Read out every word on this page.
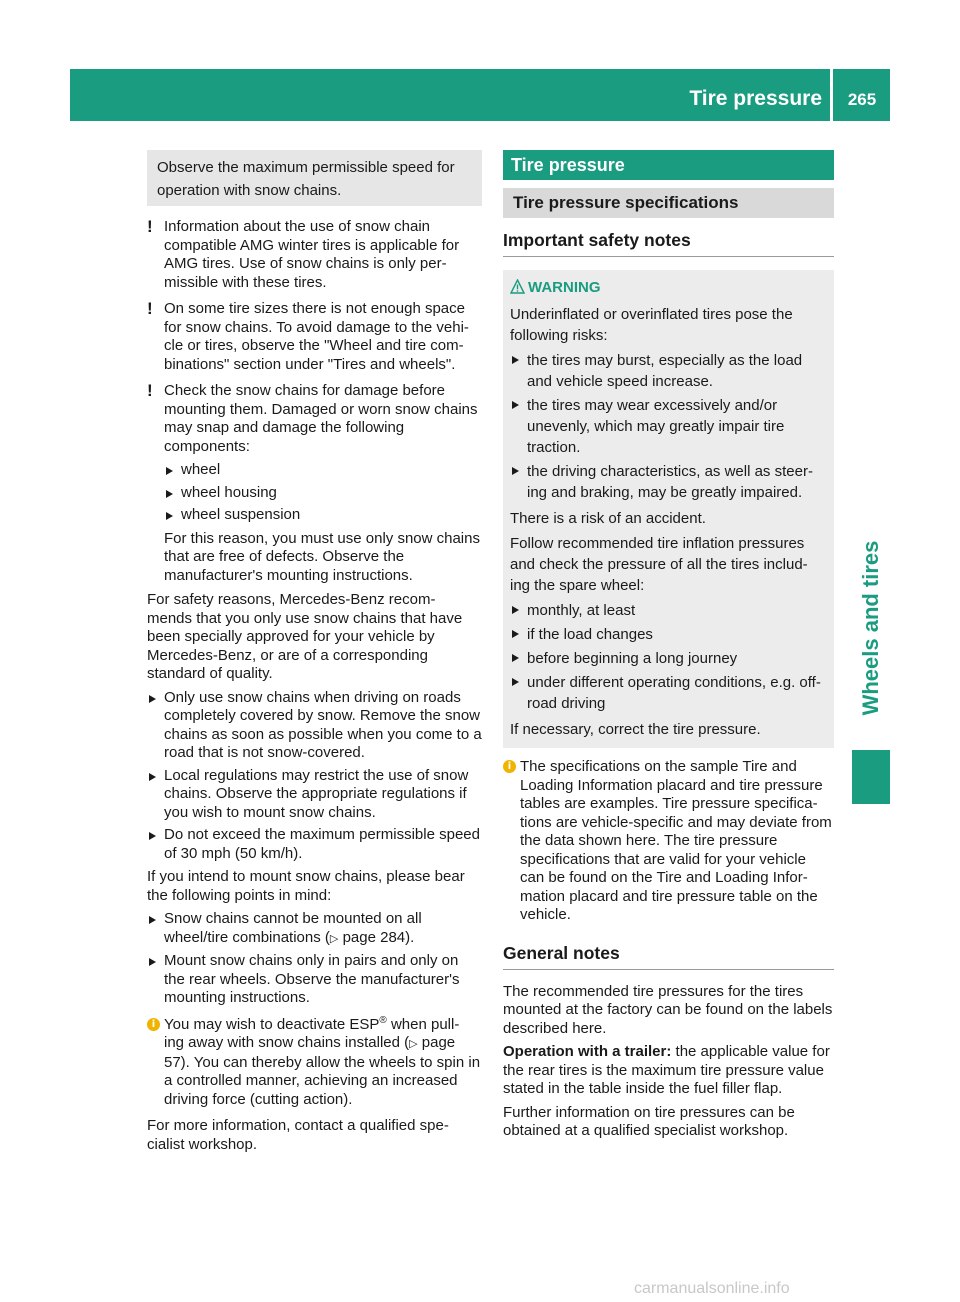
Tire pressure	265
Wheels and tires

Observe the maximum permissible speed for operation with snow chains.

! Information about the use of snow chain compatible AMG winter tires is applicable for AMG tires. Use of snow chains is only per- missible with these tires.
! On some tire sizes there is not enough space for snow chains. To avoid damage to the vehi- cle or tires, observe the "Wheel and tire com- binations" section under "Tires and wheels".
! Check the snow chains for damage before mounting them. Damaged or worn snow chains may snap and damage the following components:
wheel
wheel housing
wheel suspension
For this reason, you must use only snow chains that are free of defects. Observe the manufacturer's mounting instructions.

For safety reasons, Mercedes-Benz recom- mends that you only use snow chains that have been specially approved for your vehicle by Mercedes-Benz, or are of a corresponding standard of quality.

Only use snow chains when driving on roads completely covered by snow. Remove the snow chains as soon as possible when you come to a road that is not snow-covered.
Local regulations may restrict the use of snow chains. Observe the appropriate regulations if you wish to mount snow chains.
Do not exceed the maximum permissible speed of 30 mph (50 km/h).

If you intend to mount snow chains, please bear the following points in mind:

Snow chains cannot be mounted on all wheel/tire combinations (▷ page 284).
Mount snow chains only in pairs and only on the rear wheels. Observe the manufacturer's mounting instructions.
i You may wish to deactivate ESP® when pull- ing away with snow chains installed (▷ page 57). You can thereby allow the wheels to spin in a controlled manner, achieving an increased driving force (cutting action).

For more information, contact a qualified spe- cialist workshop.

Tire pressure
Tire pressure specifications
Important safety notes
WARNING

Underinflated or overinflated tires pose the following risks:

the tires may burst, especially as the load and vehicle speed increase.
the tires may wear excessively and/or unevenly, which may greatly impair tire traction.
the driving characteristics, as well as steer- ing and braking, may be greatly impaired.

There is a risk of an accident.

Follow recommended tire inflation pressures and check the pressure of all the tires includ- ing the spare wheel:

monthly, at least
if the load changes
before beginning a long journey
under different operating conditions, e.g. off-road driving

If necessary, correct the tire pressure.

i The specifications on the sample Tire and Loading Information placard and tire pressure tables are examples. Tire pressure specifica- tions are vehicle-specific and may deviate from the data shown here. The tire pressure specifications that are valid for your vehicle can be found on the Tire and Loading Infor- mation placard and tire pressure table on the vehicle.
General notes

The recommended tire pressures for the tires mounted at the factory can be found on the labels described here.

Operation with a trailer: the applicable value for the rear tires is the maximum tire pressure value stated in the table inside the fuel filler flap.

Further information on tire pressures can be obtained at a qualified specialist workshop.

carmanualsonline.info
